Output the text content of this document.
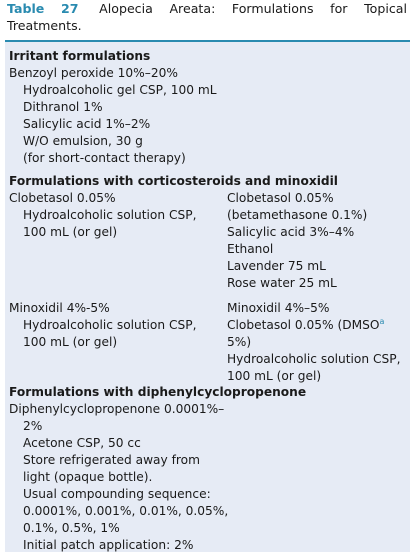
Table 27 Alopecia Areata: Formulations for Topical
Treatments.
Irritant formulations
Benzoyl peroxide 10%–20%
Hydroalcoholic gel CSP, 100 mL
Dithranol 1%
Salicylic acid 1%–2%
W/O emulsion, 30 g
(for short-contact therapy)
Formulations with corticosteroids and minoxidil
Clobetasol 0.05%
Hydroalcoholic solution CSP,
100 mL (or gel)
Clobetasol 0.05%
(betamethasone 0.1%)
Salicylic acid 3%–4%
Ethanol
Lavender 75 mL
Rose water 25 mL
Minoxidil 4%-5%
Hydroalcoholic solution CSP,
100 mL (or gel)
Minoxidil 4%–5%
Clobetasol 0.05% (DMSO$^a$
5%)
Hydroalcoholic solution CSP,
100 mL (or gel)
Formulations with diphenylcyclopropenone
Diphenylcyclopropenone 0.0001%–
2%
Acetone CSP, 50 cc
Store refrigerated away from
light (opaque bottle).
Usual compounding sequence:
0.0001%, 0.001%, 0.01%, 0.05%,
0.1%, 0.5%, 1%
Initial patch application: 2%
